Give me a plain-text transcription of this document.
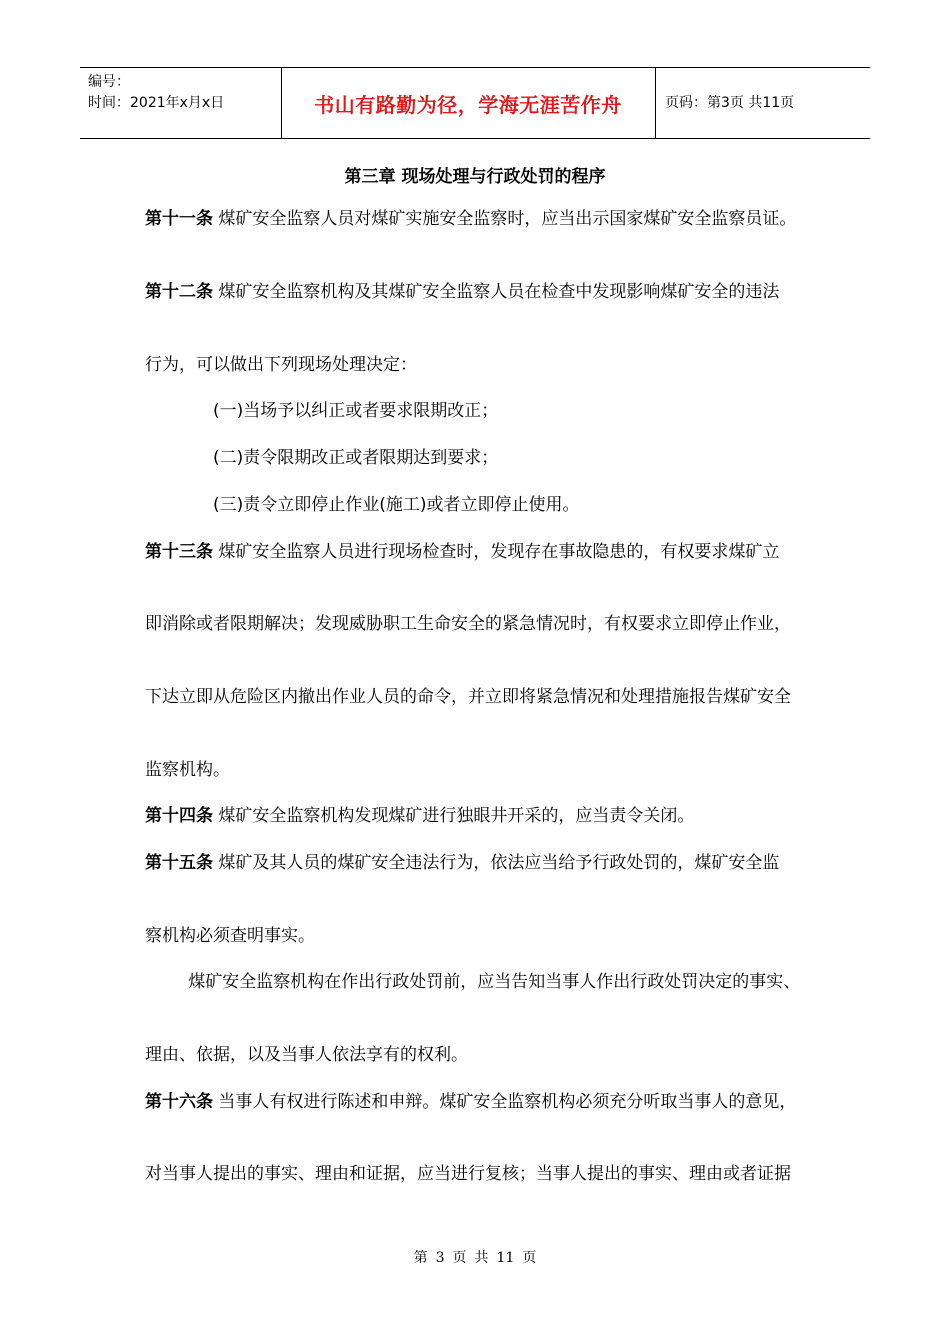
编号：
时间：2021年x月x日	书山有路勤为径，学海无涯苦作舟	页码：第3页 共11页
第三章 现场处理与行政处罚的程序
第十一条 煤矿安全监察人员对煤矿实施安全监察时，应当出示国家煤矿安全监察员证。
第十二条 煤矿安全监察机构及其煤矿安全监察人员在检查中发现影响煤矿安全的违法
行为，可以做出下列现场处理决定：
(一)当场予以纠正或者要求限期改正；
(二)责令限期改正或者限期达到要求；
(三)责令立即停止作业(施工)或者立即停止使用。
第十三条 煤矿安全监察人员进行现场检查时，发现存在事故隐患的，有权要求煤矿立
即消除或者限期解决；发现威胁职工生命安全的紧急情况时，有权要求立即停止作业，
下达立即从危险区内撤出作业人员的命令，并立即将紧急情况和处理措施报告煤矿安全
监察机构。
第十四条 煤矿安全监察机构发现煤矿进行独眼井开采的，应当责令关闭。
第十五条 煤矿及其人员的煤矿安全违法行为，依法应当给予行政处罚的，煤矿安全监
察机构必须查明事实。
煤矿安全监察机构在作出行政处罚前，应当告知当事人作出行政处罚决定的事实、
理由、依据，以及当事人依法享有的权利。
第十六条 当事人有权进行陈述和申辩。煤矿安全监察机构必须充分听取当事人的意见，
对当事人提出的事实、理由和证据，应当进行复核；当事人提出的事实、理由或者证据
第 3 页 共 11 页
